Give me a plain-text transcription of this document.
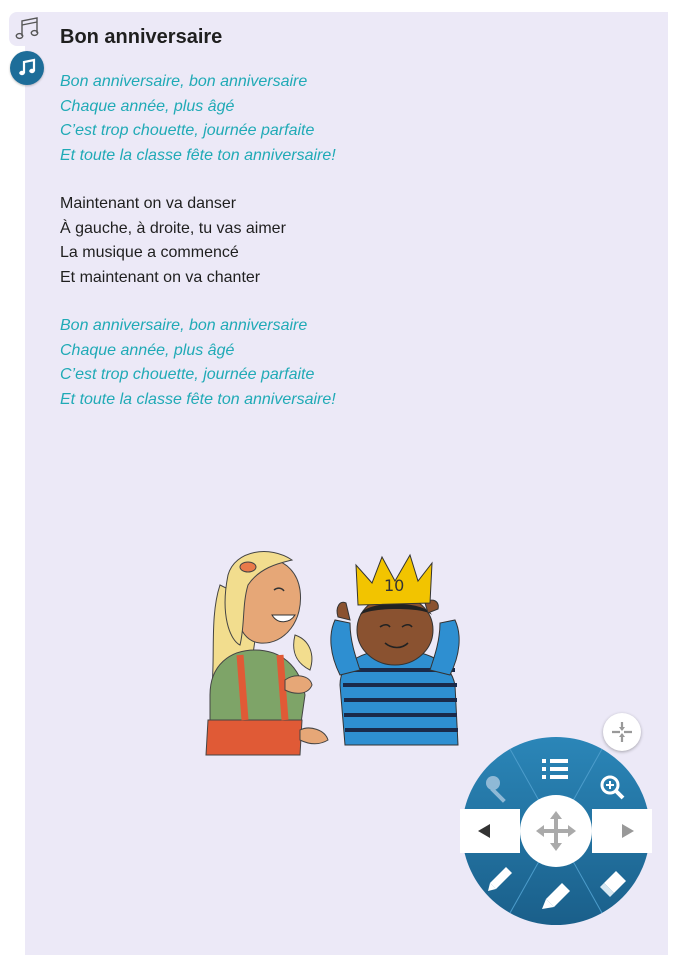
Bon anniversaire
Bon anniversaire, bon anniversaire
Chaque année, plus âgé
C’est trop chouette, journée parfaite
Et toute la classe fête ton anniversaire!
Maintenant on va danser
À gauche, à droite, tu vas aimer
La musique a commencé
Et maintenant on va chanter
Bon anniversaire, bon anniversaire
Chaque année, plus âgé
C’est trop chouette, journée parfaite
Et toute la classe fête ton anniversaire!
10
